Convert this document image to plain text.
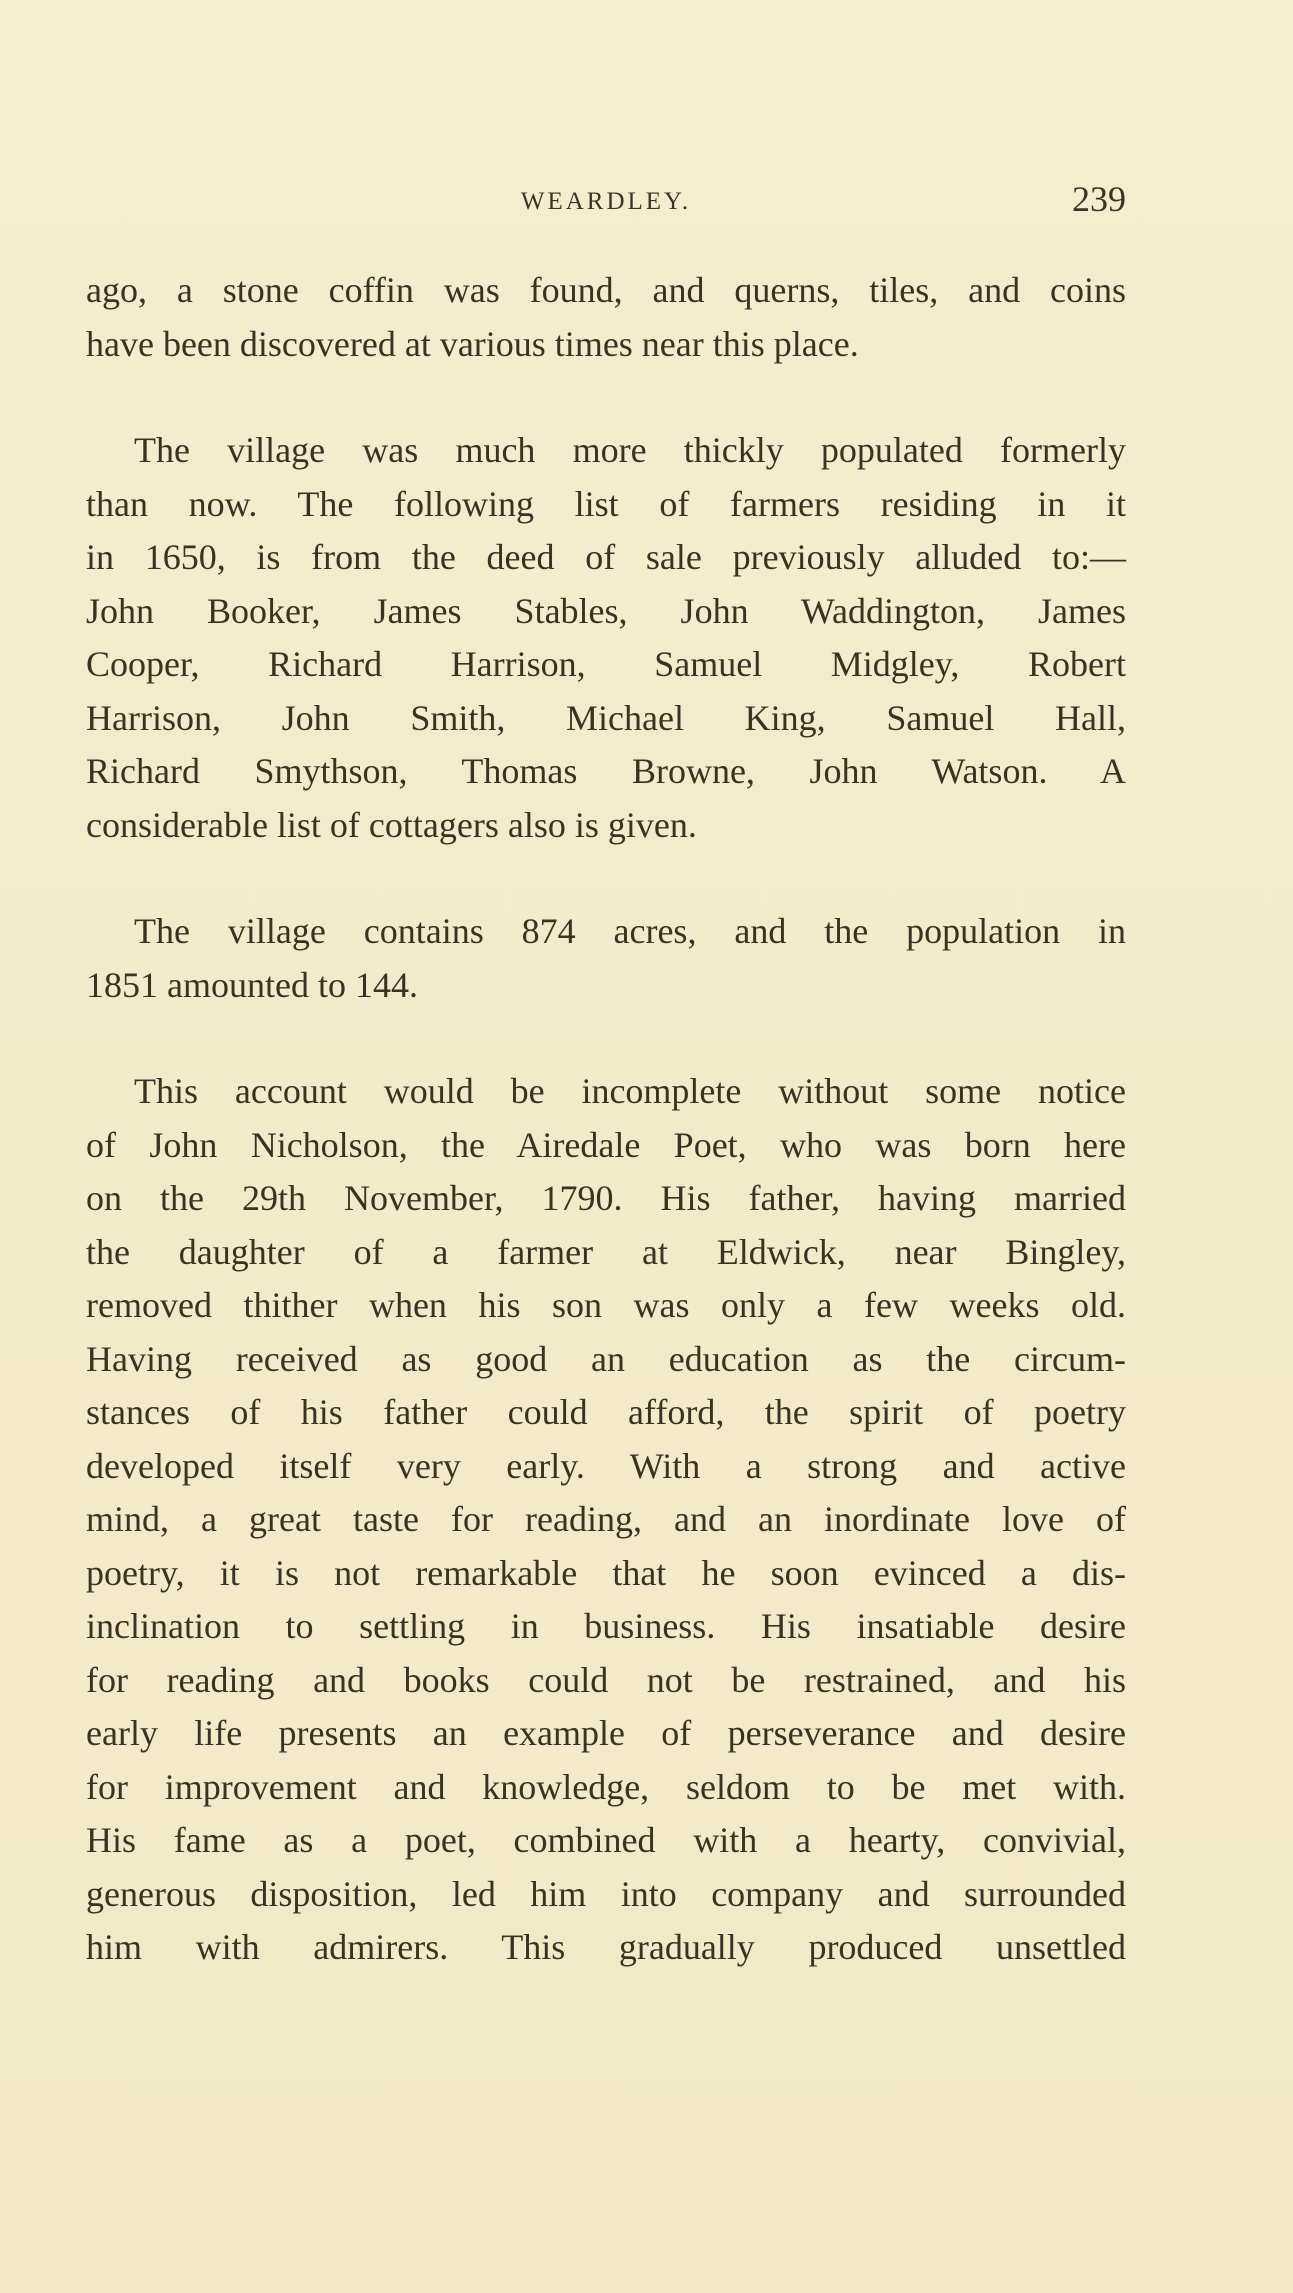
WEARDLEY.	239

ago, a stone coffin was found, and querns, tiles, and coins
have been discovered at various times near this place.

The village was much more thickly populated formerly
than now. The following list of farmers residing in it
in 1650, is from the deed of sale previously alluded to:—
John Booker, James Stables, John Waddington, James
Cooper, Richard Harrison, Samuel Midgley, Robert
Harrison, John Smith, Michael King, Samuel Hall,
Richard Smythson, Thomas Browne, John Watson. A
considerable list of cottagers also is given.

The village contains 874 acres, and the population in
1851 amounted to 144.

This account would be incomplete without some notice
of John Nicholson, the Airedale Poet, who was born here
on the 29th November, 1790. His father, having married
the daughter of a farmer at Eldwick, near Bingley,
removed thither when his son was only a few weeks old.
Having received as good an education as the circum-
stances of his father could afford, the spirit of poetry
developed itself very early. With a strong and active
mind, a great taste for reading, and an inordinate love of
poetry, it is not remarkable that he soon evinced a dis-
inclination to settling in business. His insatiable desire
for reading and books could not be restrained, and his
early life presents an example of perseverance and desire
for improvement and knowledge, seldom to be met with.
His fame as a poet, combined with a hearty, convivial,
generous disposition, led him into company and surrounded
him with admirers. This gradually produced unsettled
